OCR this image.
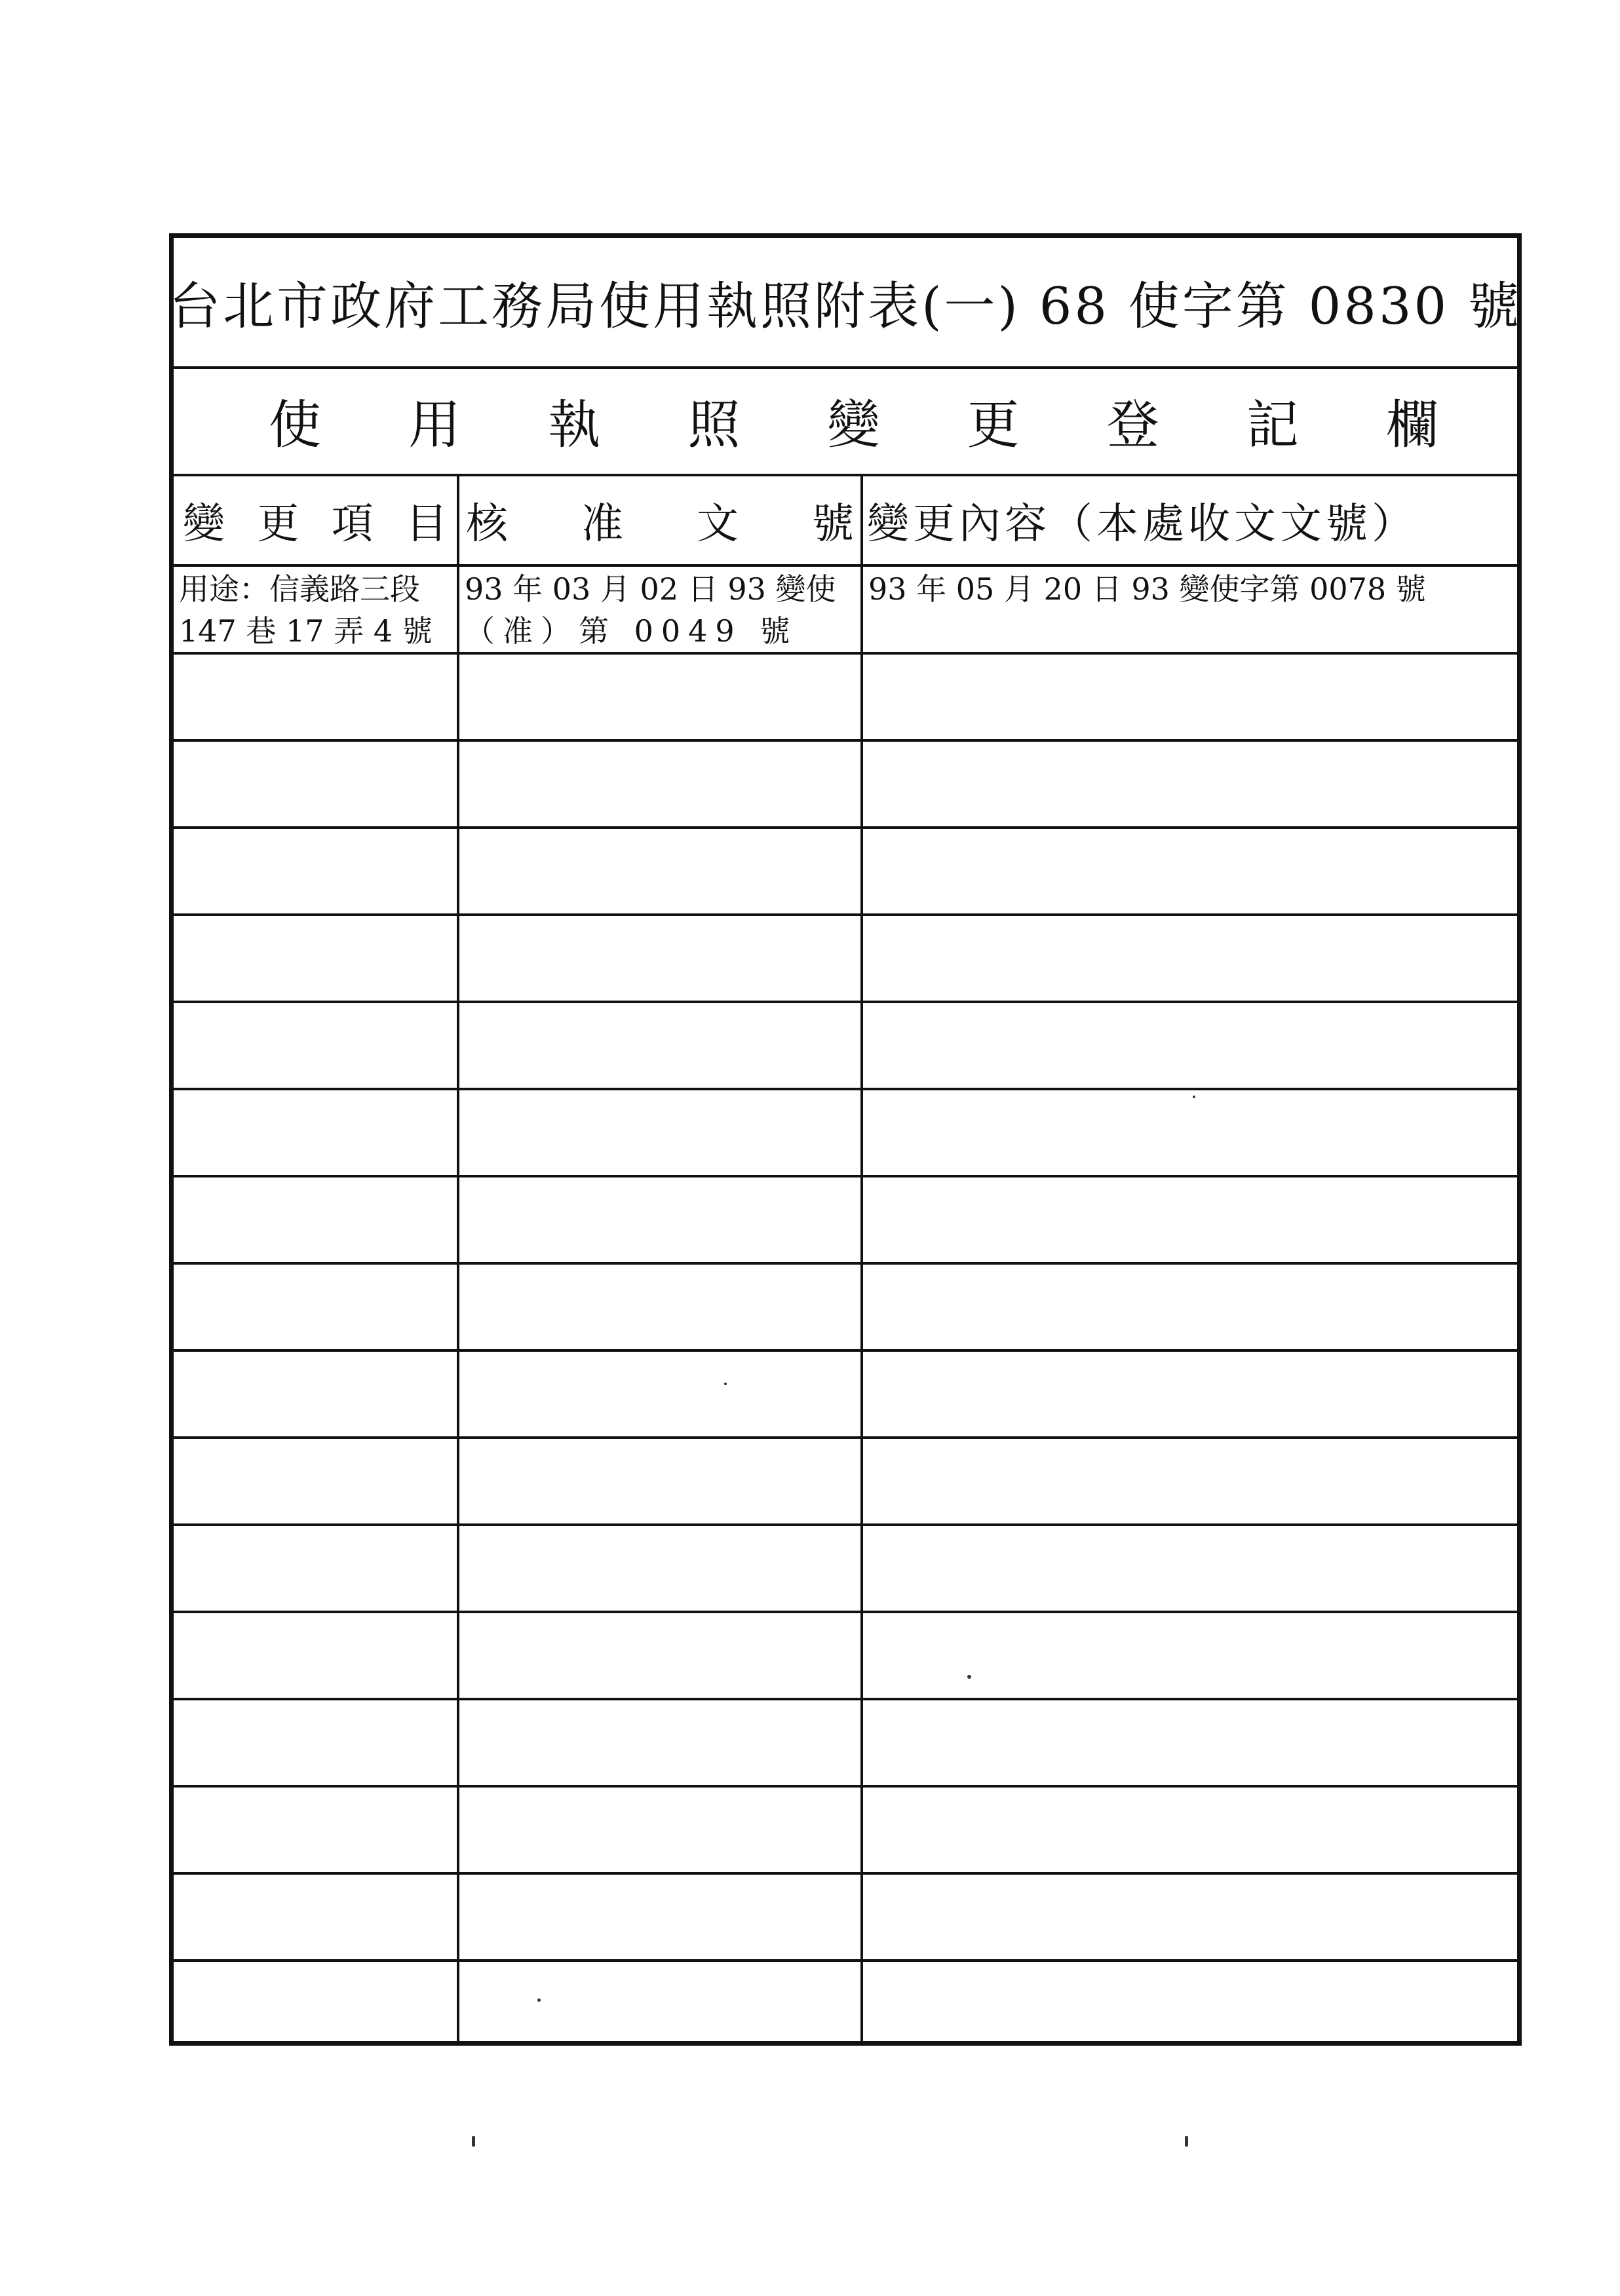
台北市政府工務局使用執照附表(一) 68 使字第 0830 號
使 用 執 照 變 更 登 記 欄
變 更 項 目 核 准 文 號 變更內容（本處收文文號）
用途：信義路三段
147 巷 17 弄 4 號
93 年 03 月 02 日 93 變使
（准）第 0049 號
93 年 05 月 20 日 93 變使字第 0078 號
